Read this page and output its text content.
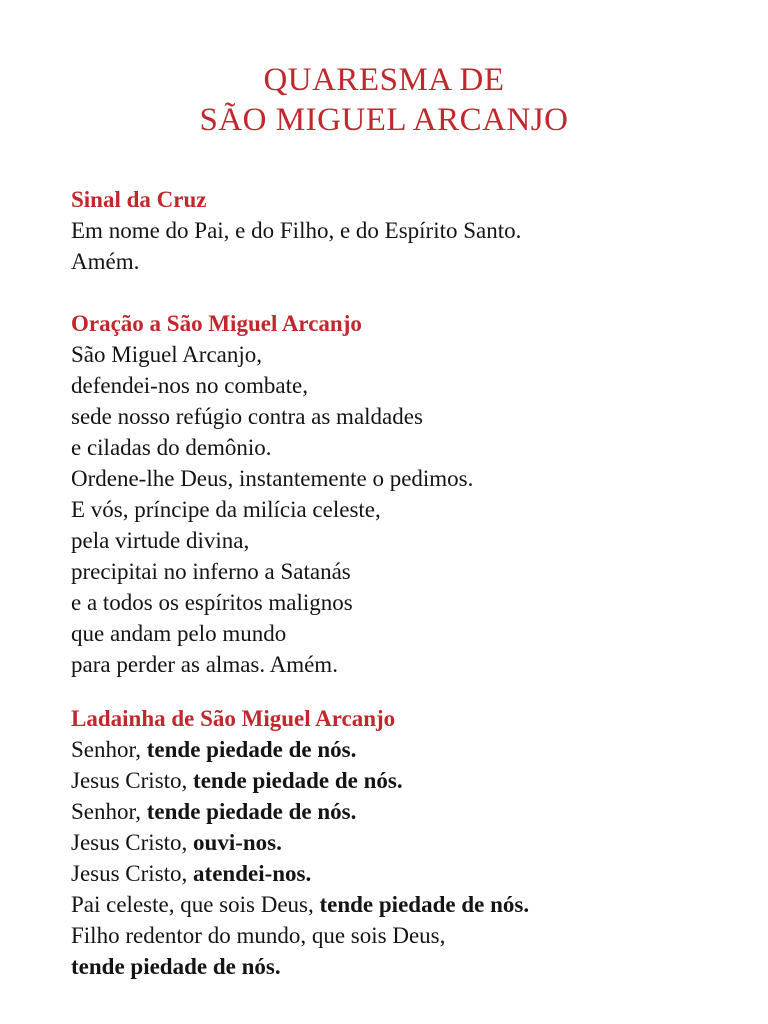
QUARESMA DE
SÃO MIGUEL ARCANJO
Sinal da Cruz
Em nome do Pai, e do Filho, e do Espírito Santo.
Amém.
Oração a São Miguel Arcanjo
São Miguel Arcanjo,
defendei-nos no combate,
sede nosso refúgio contra as maldades
e ciladas do demônio.
Ordene-lhe Deus, instantemente o pedimos.
E vós, príncipe da milícia celeste,
pela virtude divina,
precipitai no inferno a Satanás
e a todos os espíritos malignos
que andam pelo mundo
para perder as almas. Amém.
Ladainha de São Miguel Arcanjo
Senhor, tende piedade de nós.
Jesus Cristo, tende piedade de nós.
Senhor, tende piedade de nós.
Jesus Cristo, ouvi-nos.
Jesus Cristo, atendei-nos.
Pai celeste, que sois Deus, tende piedade de nós.
Filho redentor do mundo, que sois Deus,
tende piedade de nós.
